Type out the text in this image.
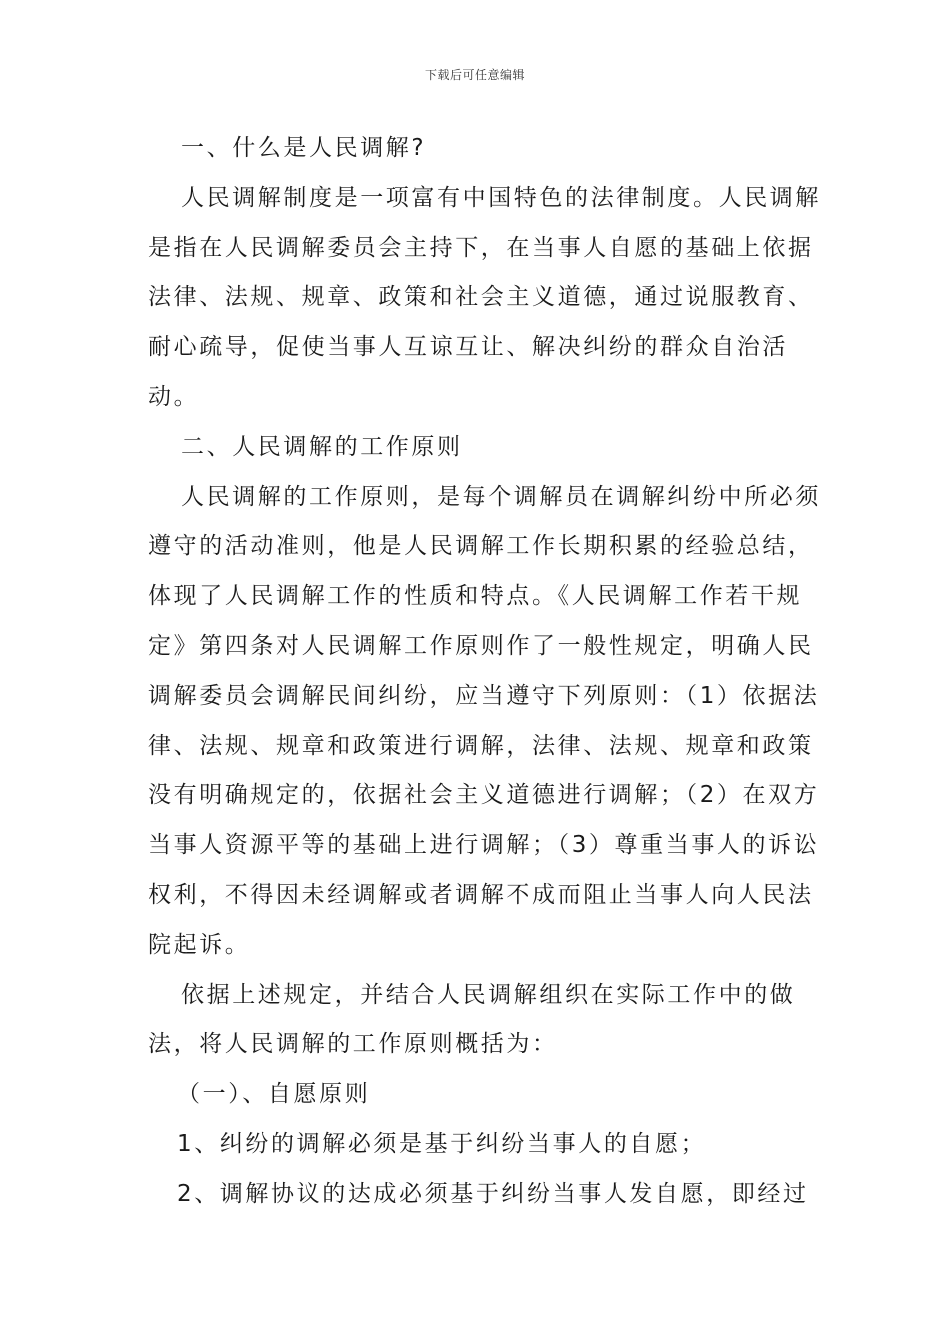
下载后可任意编辑

一、什么是人民调解?

人民调解制度是一项富有中国特色的法律制度。人民调解是指在人民调解委员会主持下，在当事人自愿的基础上依据法律、法规、规章、政策和社会主义道德，通过说服教育、耐心疏导，促使当事人互谅互让、解决纠纷的群众自治活动。

二、人民调解的工作原则

人民调解的工作原则，是每个调解员在调解纠纷中所必须遵守的活动准则，他是人民调解工作长期积累的经验总结，体现了人民调解工作的性质和特点。《人民调解工作若干规定》第四条对人民调解工作原则作了一般性规定，明确人民调解委员会调解民间纠纷，应当遵守下列原则：（1）依据法律、法规、规章和政策进行调解，法律、法规、规章和政策没有明确规定的，依据社会主义道德进行调解；（2）在双方当事人资源平等的基础上进行调解；（3）尊重当事人的诉讼权利，不得因未经调解或者调解不成而阻止当事人向人民法院起诉。

依据上述规定，并结合人民调解组织在实际工作中的做法，将人民调解的工作原则概括为：

（一）、自愿原则

1、纠纷的调解必须是基于纠纷当事人的自愿；

2、调解协议的达成必须基于纠纷当事人发自愿，即经过
